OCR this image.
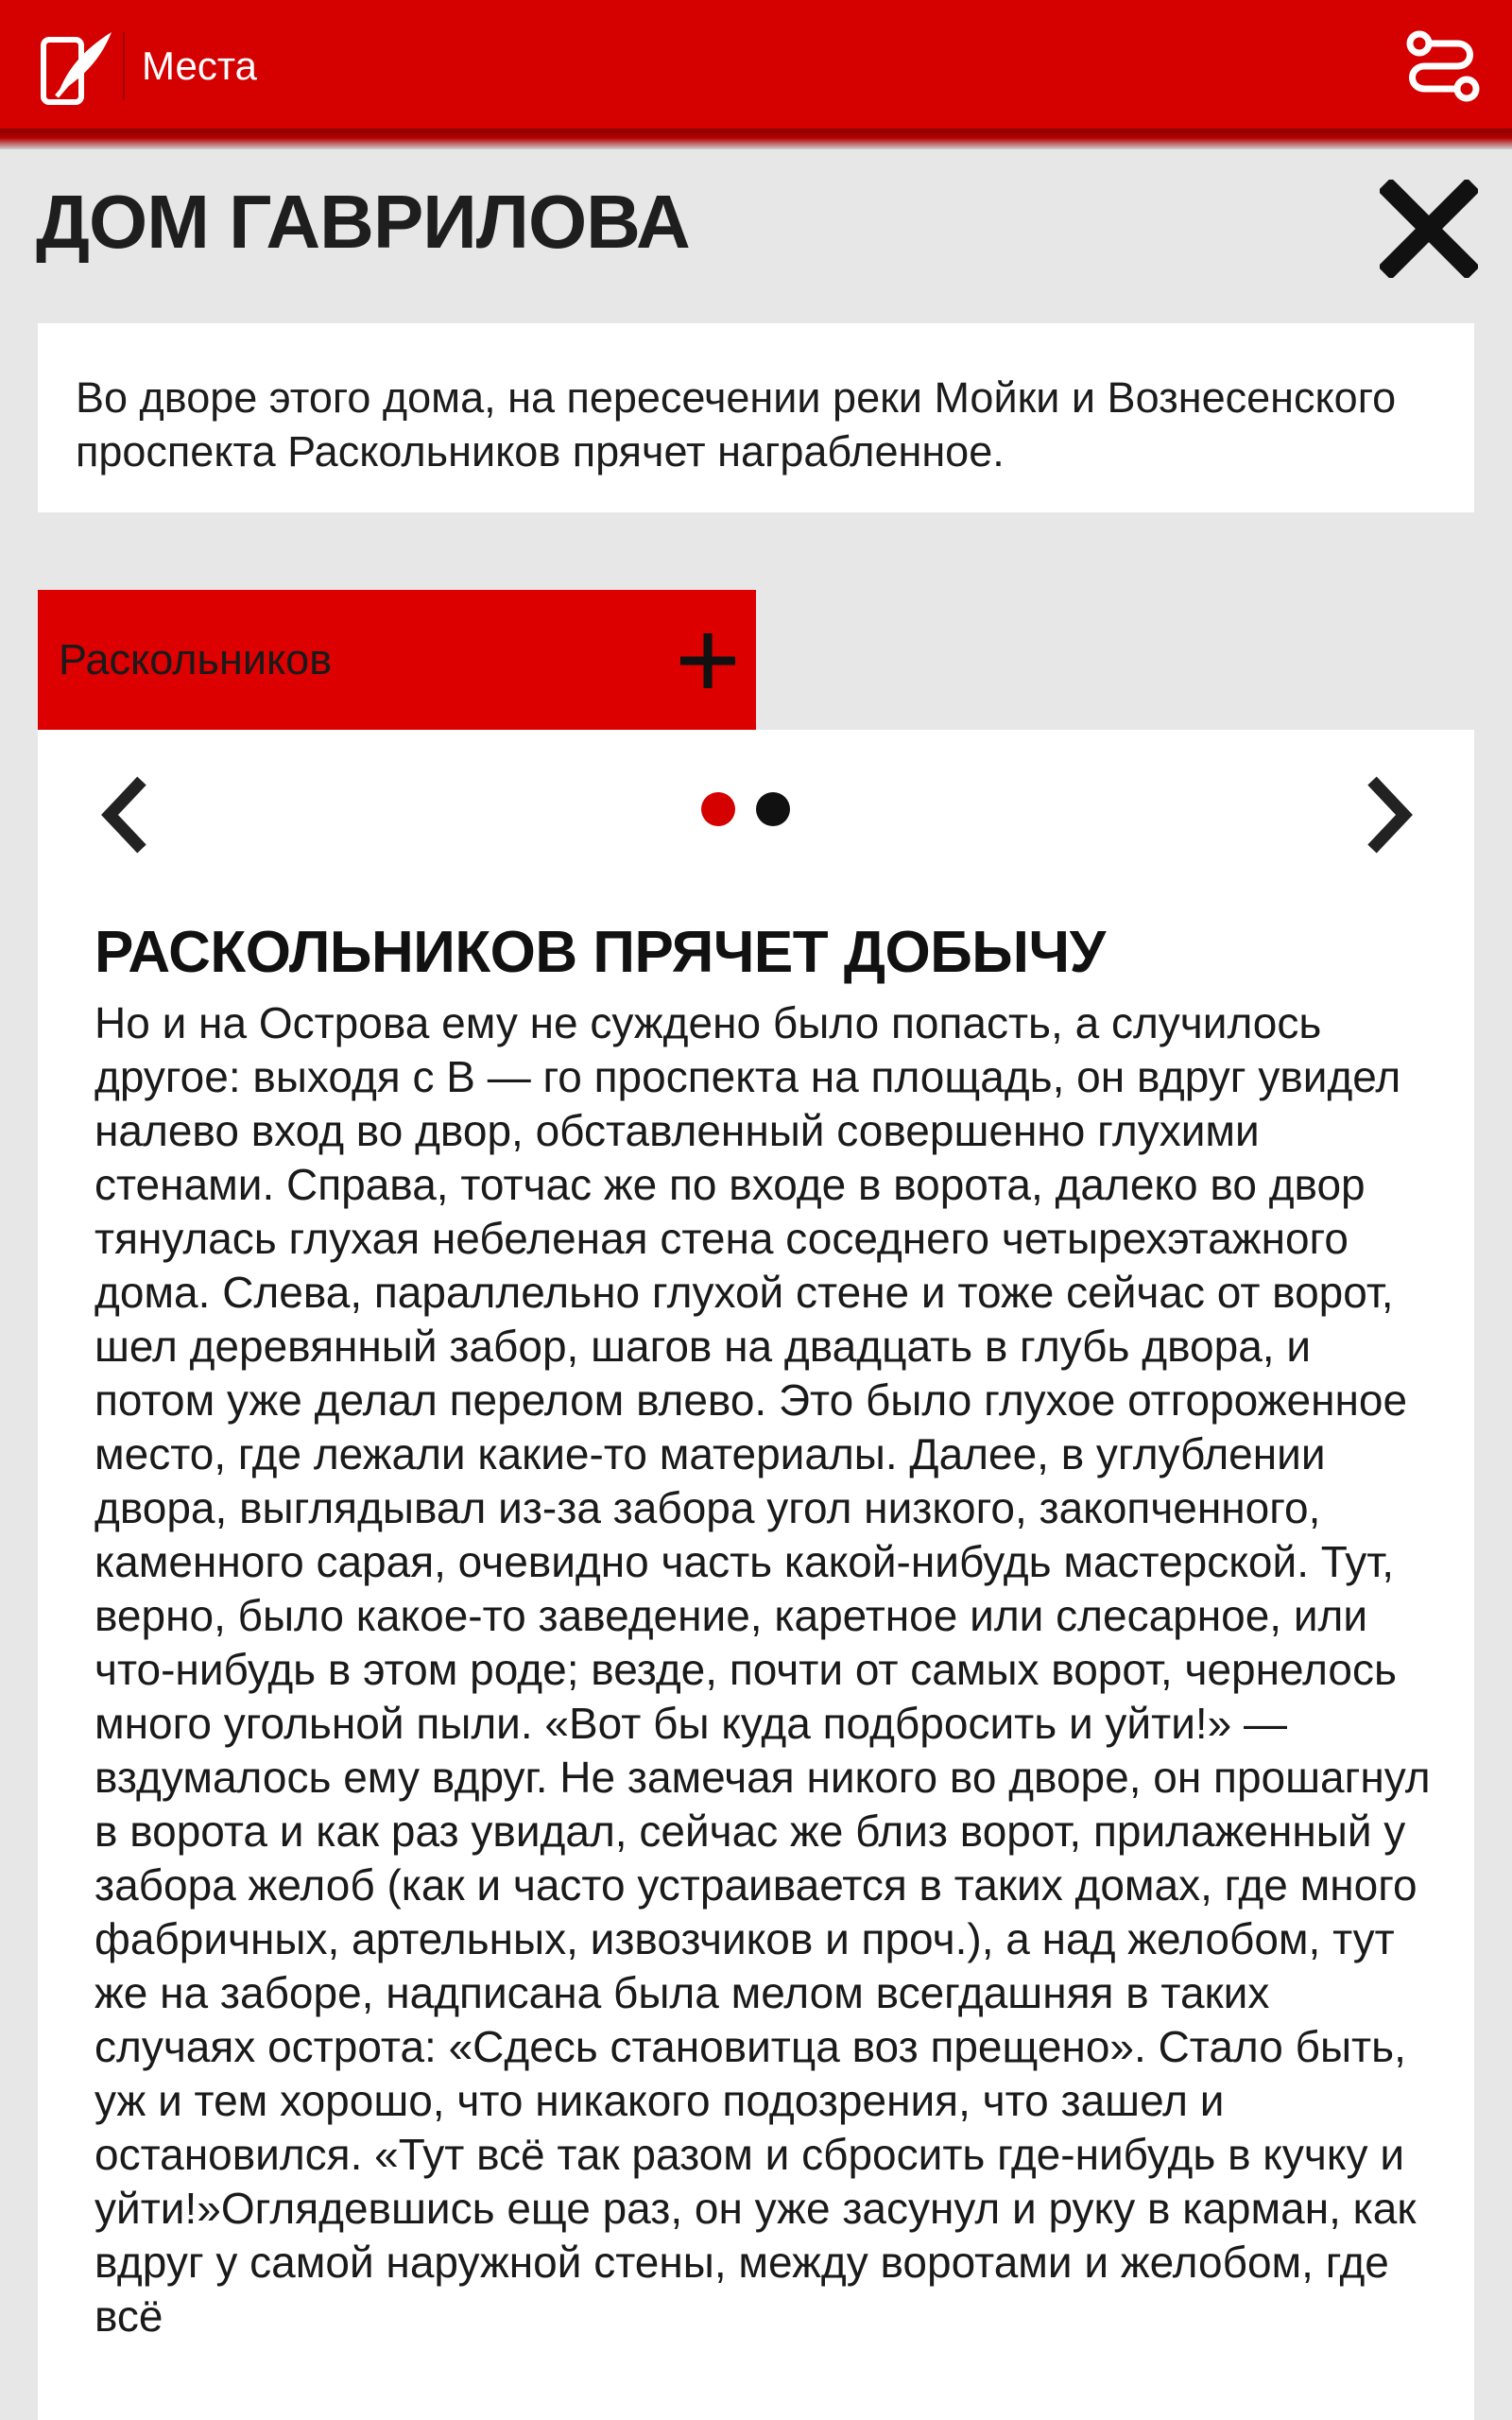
Места
ДОМ ГАВРИЛОВА
Во дворе этого дома, на пересечении реки Мойки и Вознесенского проспекта Раскольников прячет награбленное.
Раскольников
РАСКОЛЬНИКОВ ПРЯЧЕТ ДОБЫЧУ

Но и на Острова ему не суждено было попасть, а случилось другое: выходя с В — го проспекта на площадь, он вдруг увидел налево вход во двор, обставленный совершенно глухими стенами. Справа, тотчас же по входе в ворота, далеко во двор тянулась глухая небеленая стена соседнего четырехэтажного дома. Слева, параллельно глухой стене и тоже сейчас от ворот, шел деревянный забор, шагов на двадцать в глубь двора, и потом уже делал перелом влево. Это было глухое отгороженное место, где лежали какие-то материалы. Далее, в углублении двора, выглядывал из-за забора угол низкого, закопченного, каменного сарая, очевидно часть какой-нибудь мастерской. Тут, верно, было какое-то заведение, каретное или слесарное, или что-нибудь в этом роде; везде, почти от самых ворот, чернелось много угольной пыли. «Вот бы куда подбросить и уйти!» — вздумалось ему вдруг. Не замечая никого во дворе, он прошагнул в ворота и как раз увидал, сейчас же близ ворот, прилаженный у забора желоб (как и часто устраивается в таких домах, где много фабричных, артельных, извозчиков и проч.), а над желобом, тут же на заборе, надписана была мелом всегдашняя в таких случаях острота: «Сдесь становитца воз прещено». Стало быть, уж и тем хорошо, что никакого подозрения, что зашел и остановился. «Тут всё так разом и сбросить где-нибудь в кучку и уйти!»Оглядевшись еще раз, он уже засунул и руку в карман, как вдруг у самой наружной стены, между воротами и желобом, где всё
